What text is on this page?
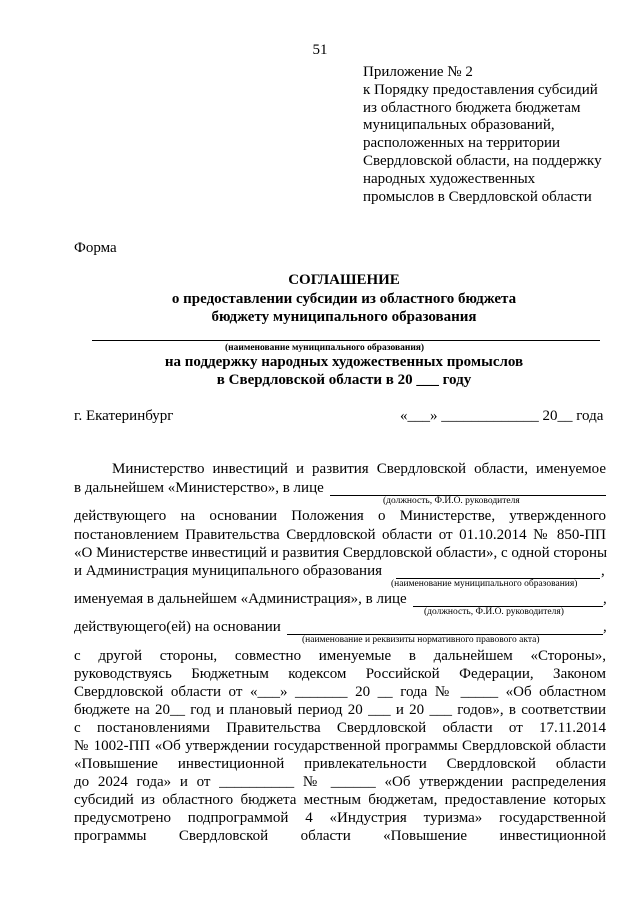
51
Приложение № 2
к Порядку предоставления субсидий
из областного бюджета бюджетам
муниципальных образований,
расположенных на территории
Свердловской области, на поддержку
народных художественных
промыслов в Свердловской области
Форма
СОГЛАШЕНИЕ
о предоставлении субсидии из областного бюджета
бюджету муниципального образования
(наименование муниципального образования)
на поддержку народных художественных промыслов
в Свердловской области в 20 ___ году
г. Екатеринбург	«___» _____________ 20__ года
Министерство инвестиций и развития Свердловской области, именуемое
в дальнейшем «Министерство», в лице
(должность, Ф.И.О. руководителя
действующего на основании Положения о Министерстве, утвержденного
постановлением Правительства Свердловской области от 01.10.2014 № 850-ПП
«О Министерстве инвестиций и развития Свердловской области», с одной стороны
и Администрация муниципального образования	,
(наименование муниципального образования)
именуемая в дальнейшем «Администрация», в лице	,
(должность, Ф.И.О. руководителя)
действующего(ей) на основании	,
(наименование и реквизиты нормативного правового акта)
с другой стороны, совместно именуемые в дальнейшем «Стороны»,
руководствуясь Бюджетным кодексом Российской Федерации, Законом
Свердловской области от «___» _______ 20 __ года № _____ «Об областном
бюджете на 20__ год и плановый период 20 ___ и 20 ___ годов», в соответствии
с постановлениями Правительства Свердловской области от 17.11.2014
№ 1002-ПП «Об утверждении государственной программы Свердловской области
«Повышение инвестиционной привлекательности Свердловской области
до 2024 года» и от __________ № ______ «Об утверждении распределения
субсидий из областного бюджета местным бюджетам, предоставление которых
предусмотрено подпрограммой 4 «Индустрия туризма» государственной
программы Свердловской области «Повышение инвестиционной
